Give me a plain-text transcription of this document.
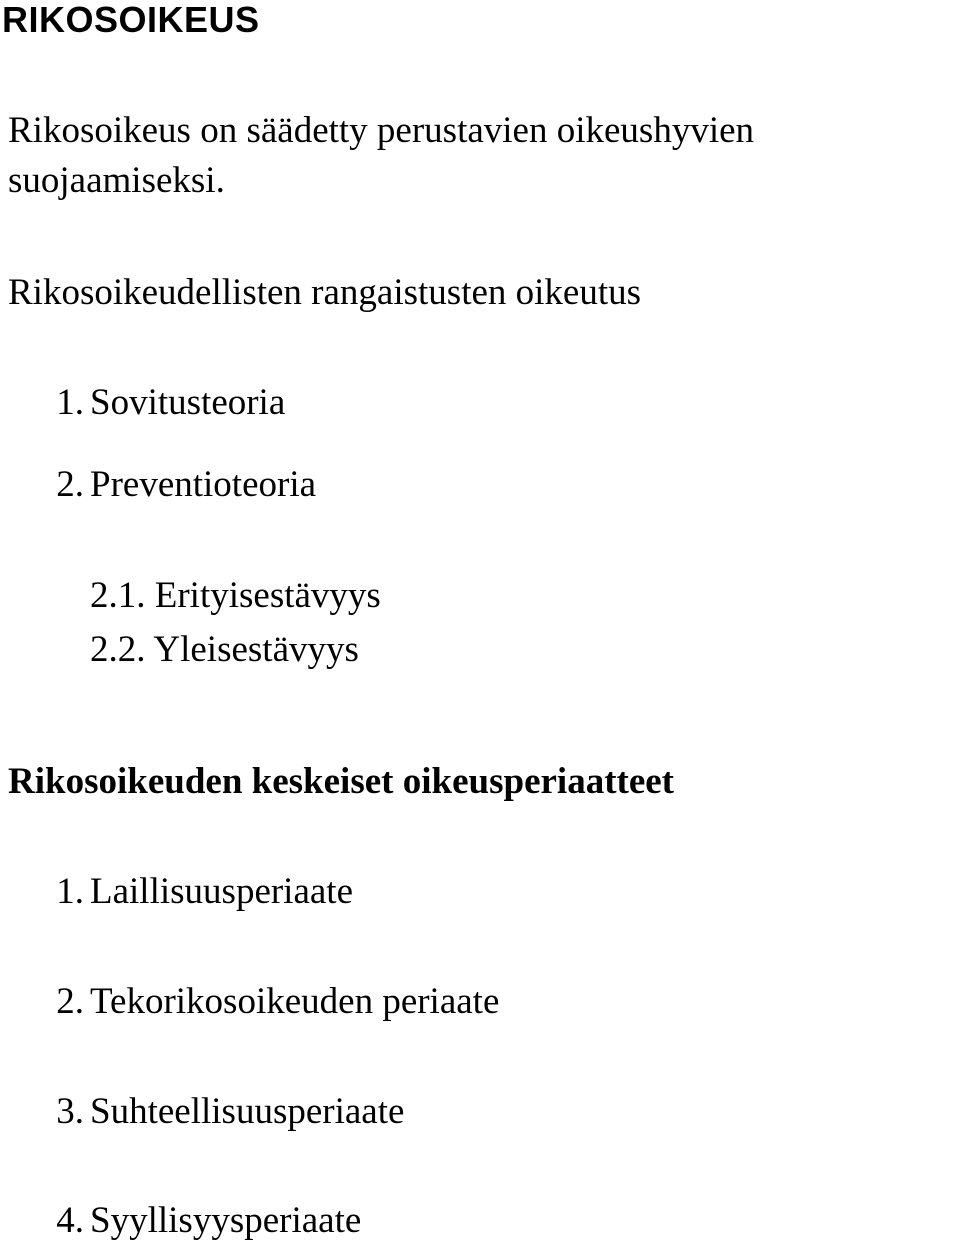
RIKOSOIKEUS

Rikosoikeus on säädetty perustavien oikeushyvien

suojaamiseksi.

Rikosoikeudellisten rangaistusten oikeutus
1. Sovitusteoria
2. Preventioteoria

2.1. Erityisestävyys

2.2. Yleisestävyys

Rikosoikeuden keskeiset oikeusperiaatteet
1. Laillisuusperiaate
2. Tekorikosoikeuden periaate
3. Suhteellisuusperiaate
4. Syyllisyysperiaate
